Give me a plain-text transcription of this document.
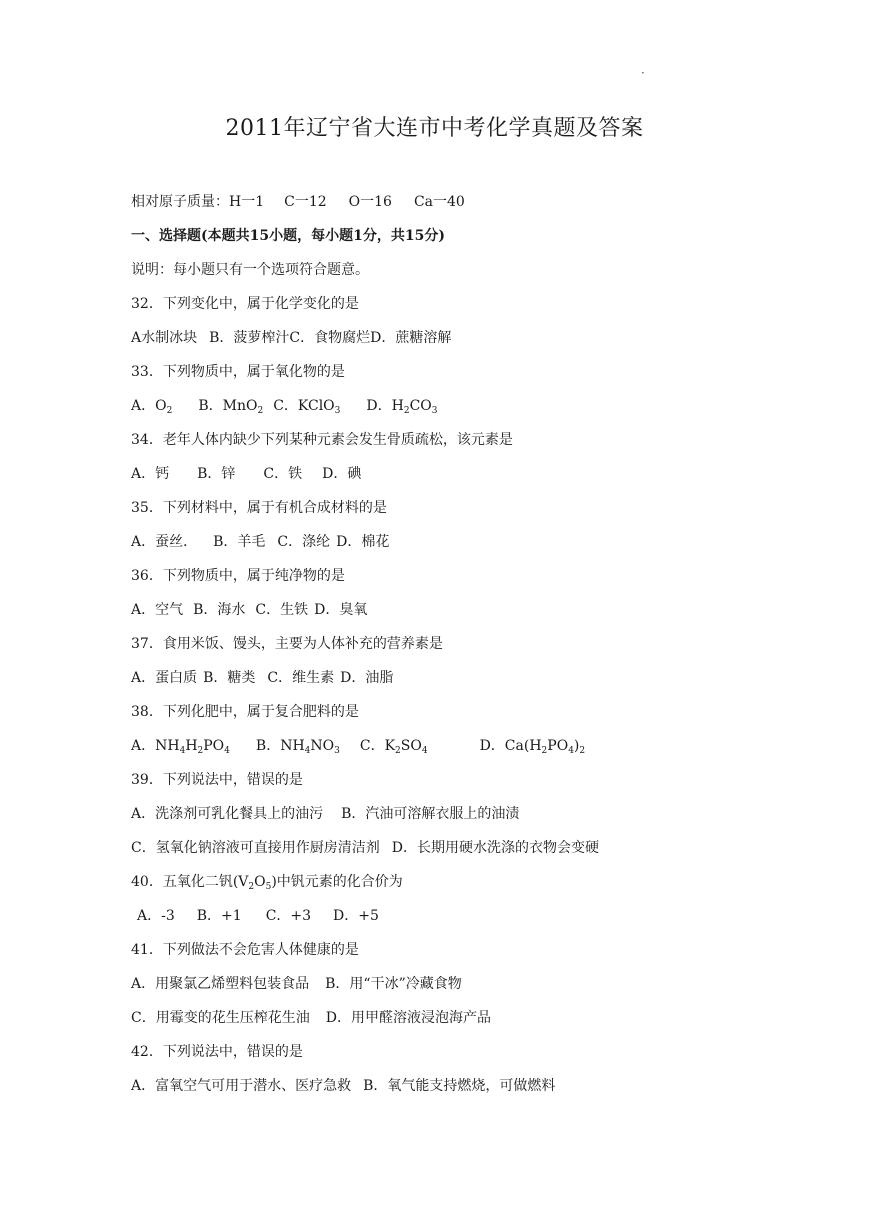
·
2011年辽宁省大连市中考化学真题及答案
相对原子质量：H一1 C一12 O一16 Ca一40
一、选择题(本题共15小题，每小题1分，共15分)
说明：每小题只有一个选项符合题意。
32．下列变化中，属于化学变化的是
A水制冰块 B．菠萝榨汁C．食物腐烂D．蔗糖溶解
33．下列物质中，属于氧化物的是
A．$O_2$ B．MnO$_2$ C．KClO$_3$ D．$H_2CO_3$
34．老年人体内缺少下列某种元素会发生骨质疏松，该元素是
A．钙 B．锌 C．铁 D．碘
35．下列材料中，属于有机合成材料的是
A．蚕丝． B．羊毛 C．涤纶 D．棉花
36．下列物质中，属于纯净物的是
A．空气 B．海水 C．生铁 D．臭氧
37．食用米饭、馒头，主要为人体补充的营养素是
A．蛋白质 B．糖类 C．维生素 D．油脂
38．下列化肥中，属于复合肥料的是
A．$NH_4H_2PO_4$ B．$NH_4NO_3$ C．$K_2SO_4$	D．$Ca(H_2PO_4)_2$
39．下列说法中，错误的是
A．洗涤剂可乳化餐具上的油污 B．汽油可溶解衣服上的油渍
C．氢氧化钠溶液可直接用作厨房清洁剂 D．长期用硬水洗涤的衣物会变硬
40．五氧化二钒$(V_2O_5)$中钒元素的化合价为
A．-3 B．+1 C．+3 D．+5
41．下列做法不会危害人体健康的是
A．用聚氯乙烯塑料包装食品 B．用“干冰”冷藏食物
C．用霉变的花生压榨花生油 D．用甲醛溶液浸泡海产品
42．下列说法中，错误的是
A．富氧空气可用于潜水、医疗急救 B．氧气能支持燃烧，可做燃料
